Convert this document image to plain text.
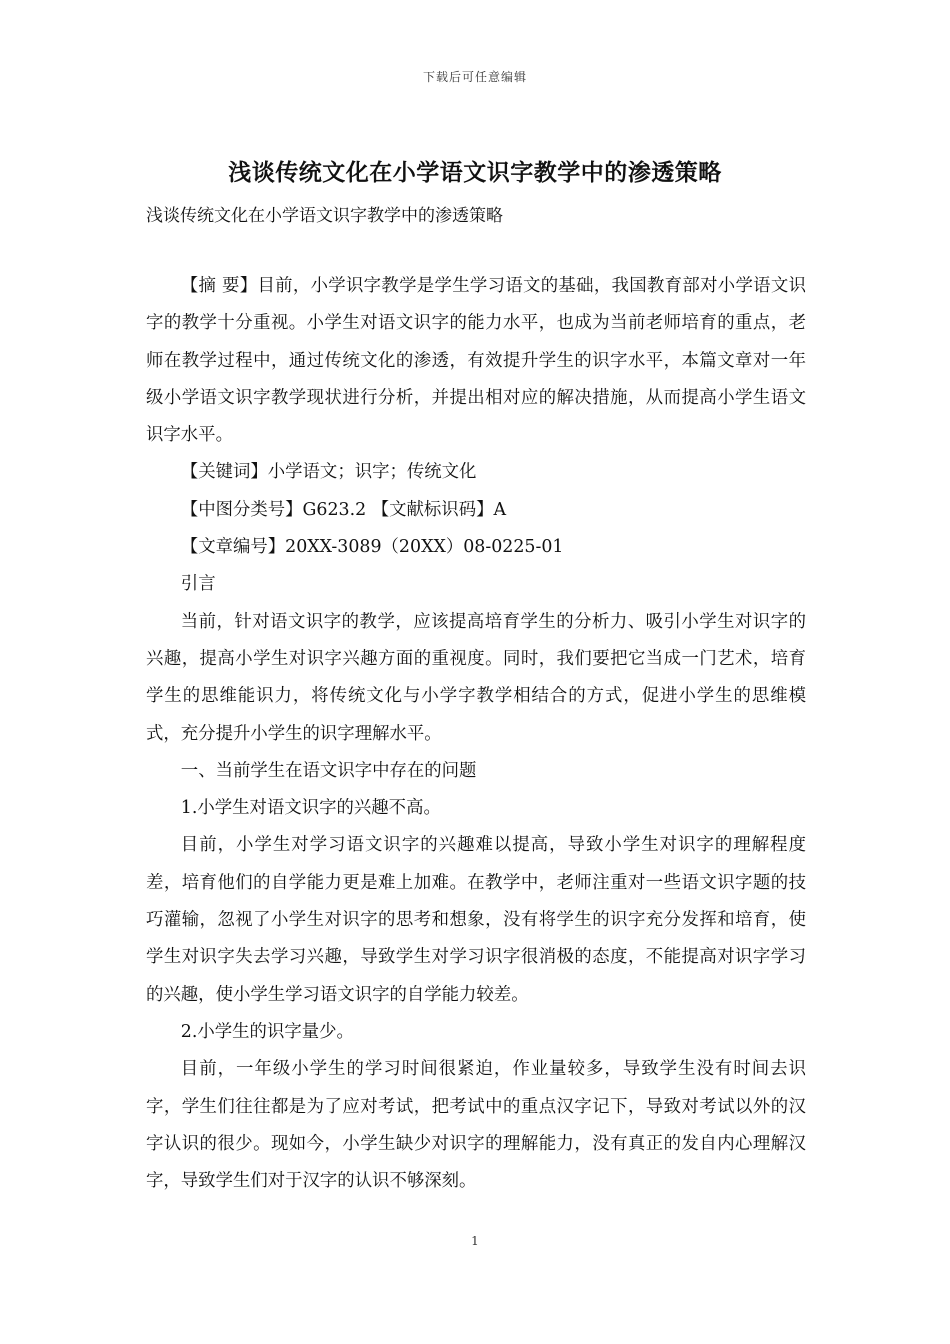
下载后可任意编辑
浅谈传统文化在小学语文识字教学中的渗透策略
浅谈传统文化在小学语文识字教学中的渗透策略

【摘 要】目前，小学识字教学是学生学习语文的基础，我国教育部对小学语文识字的教学十分重视。小学生对语文识字的能力水平，也成为当前老师培育的重点，老师在教学过程中，通过传统文化的渗透，有效提升学生的识字水平，本篇文章对一年级小学语文识字教学现状进行分析，并提出相对应的解决措施，从而提高小学生语文识字水平。

【关键词】小学语文；识字；传统文化

【中图分类号】G623.2 【文献标识码】A

【文章编号】20XX-3089（20XX）08-0225-01

引言

当前，针对语文识字的教学，应该提高培育学生的分析力、吸引小学生对识字的兴趣，提高小学生对识字兴趣方面的重视度。同时，我们要把它当成一门艺术，培育学生的思维能识力，将传统文化与小学字教学相结合的方式，促进小学生的思维模式，充分提升小学生的识字理解水平。

一、当前学生在语文识字中存在的问题

1.小学生对语文识字的兴趣不高。

目前，小学生对学习语文识字的兴趣难以提高，导致小学生对识字的理解程度差，培育他们的自学能力更是难上加难。在教学中，老师注重对一些语文识字题的技巧灌输，忽视了小学生对识字的思考和想象，没有将学生的识字充分发挥和培育，使学生对识字失去学习兴趣，导致学生对学习识字很消极的态度，不能提高对识字学习的兴趣，使小学生学习语文识字的自学能力较差。

2.小学生的识字量少。

目前，一年级小学生的学习时间很紧迫，作业量较多，导致学生没有时间去识字，学生们往往都是为了应对考试，把考试中的重点汉字记下，导致对考试以外的汉字认识的很少。现如今，小学生缺少对识字的理解能力，没有真正的发自内心理解汉字，导致学生们对于汉字的认识不够深刻。

1
